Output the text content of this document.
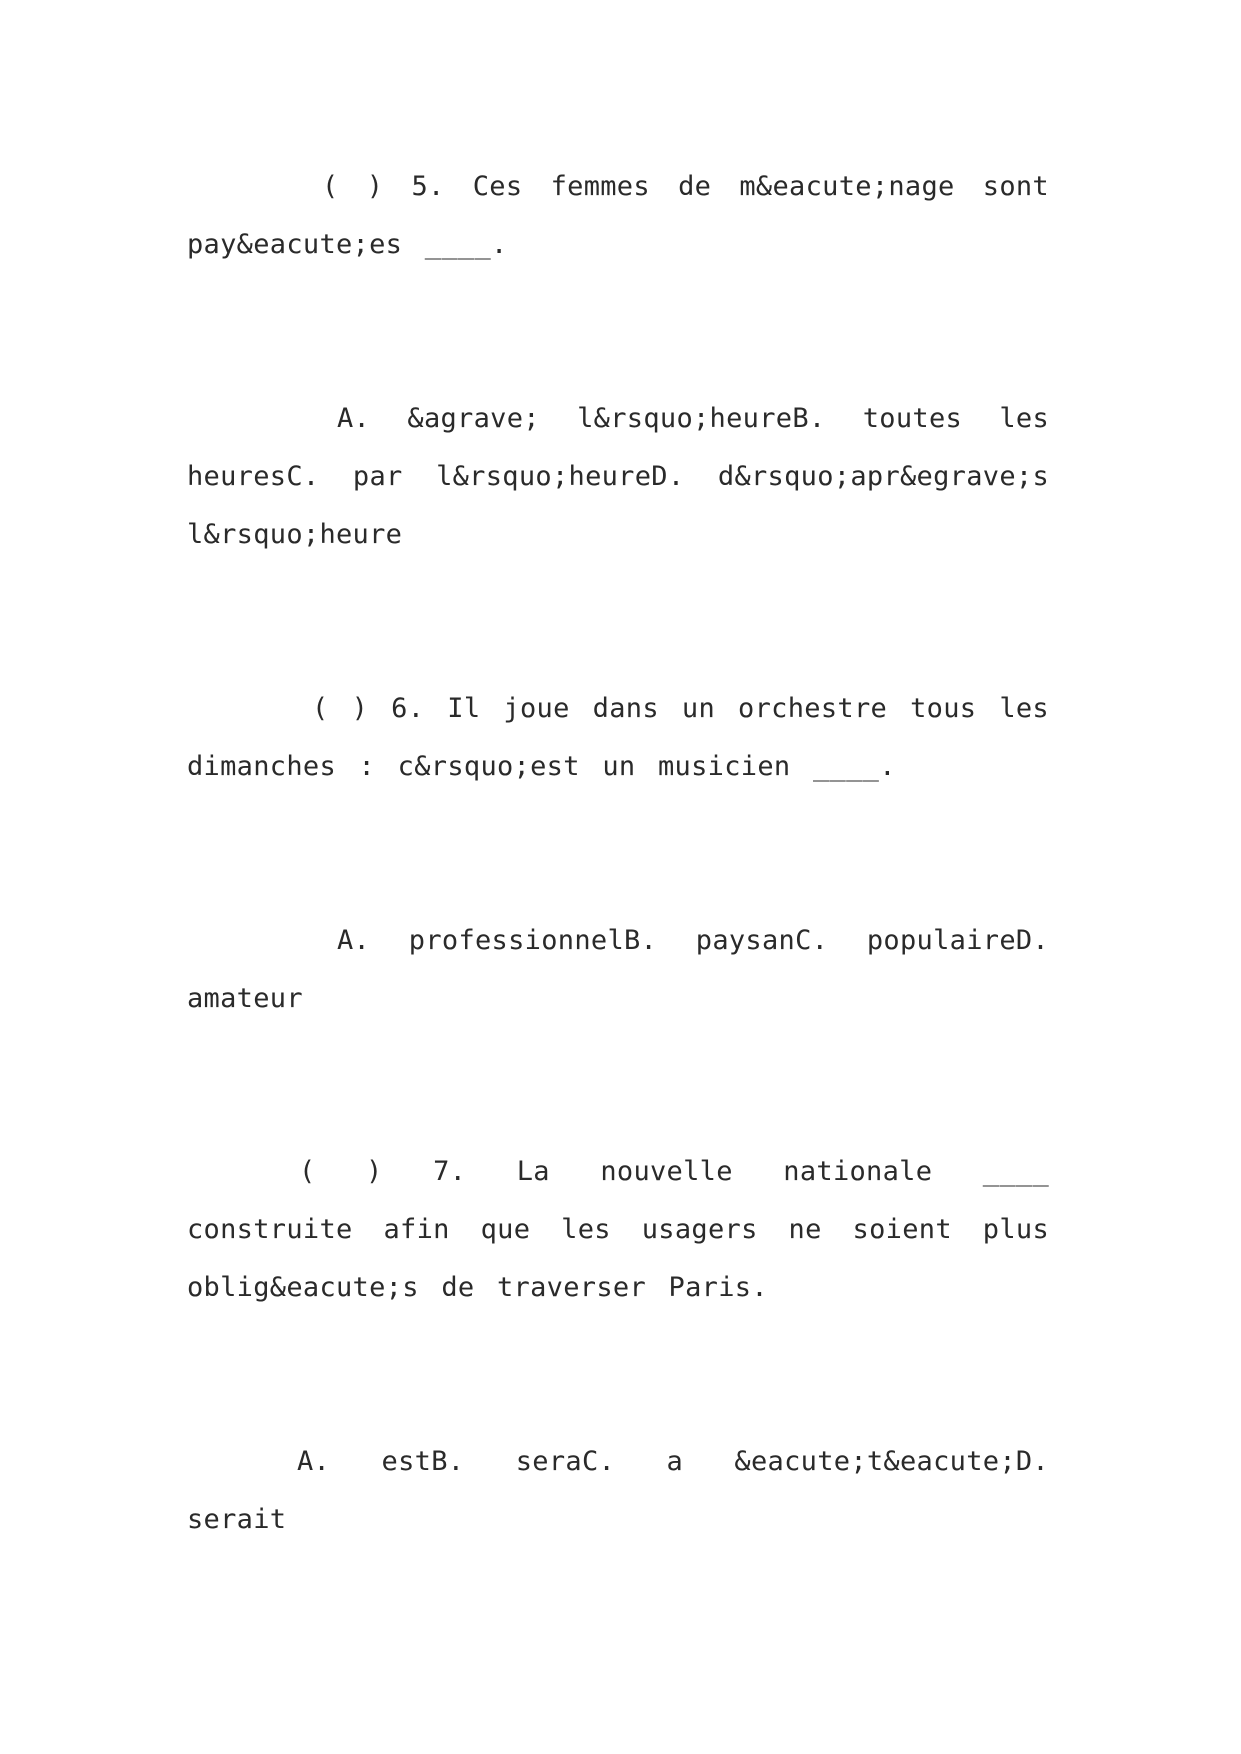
( ) 5. Ces femmes de m&eacute;nage sont pay&eacute;es ____.
A. &agrave; l&rsquo;heureB. toutes les heuresC. par l&rsquo;heureD. d&rsquo;apr&egrave;s l&rsquo;heure
( ) 6. Il joue dans un orchestre tous les dimanches : c&rsquo;est un musicien ____.
A. professionnelB. paysanC. populaireD. amateur
( ) 7. La nouvelle nationale ____ construite afin que les usagers ne soient plus oblig&eacute;s de traverser Paris.
A. estB. seraC. a &eacute;t&eacute;D. serait
